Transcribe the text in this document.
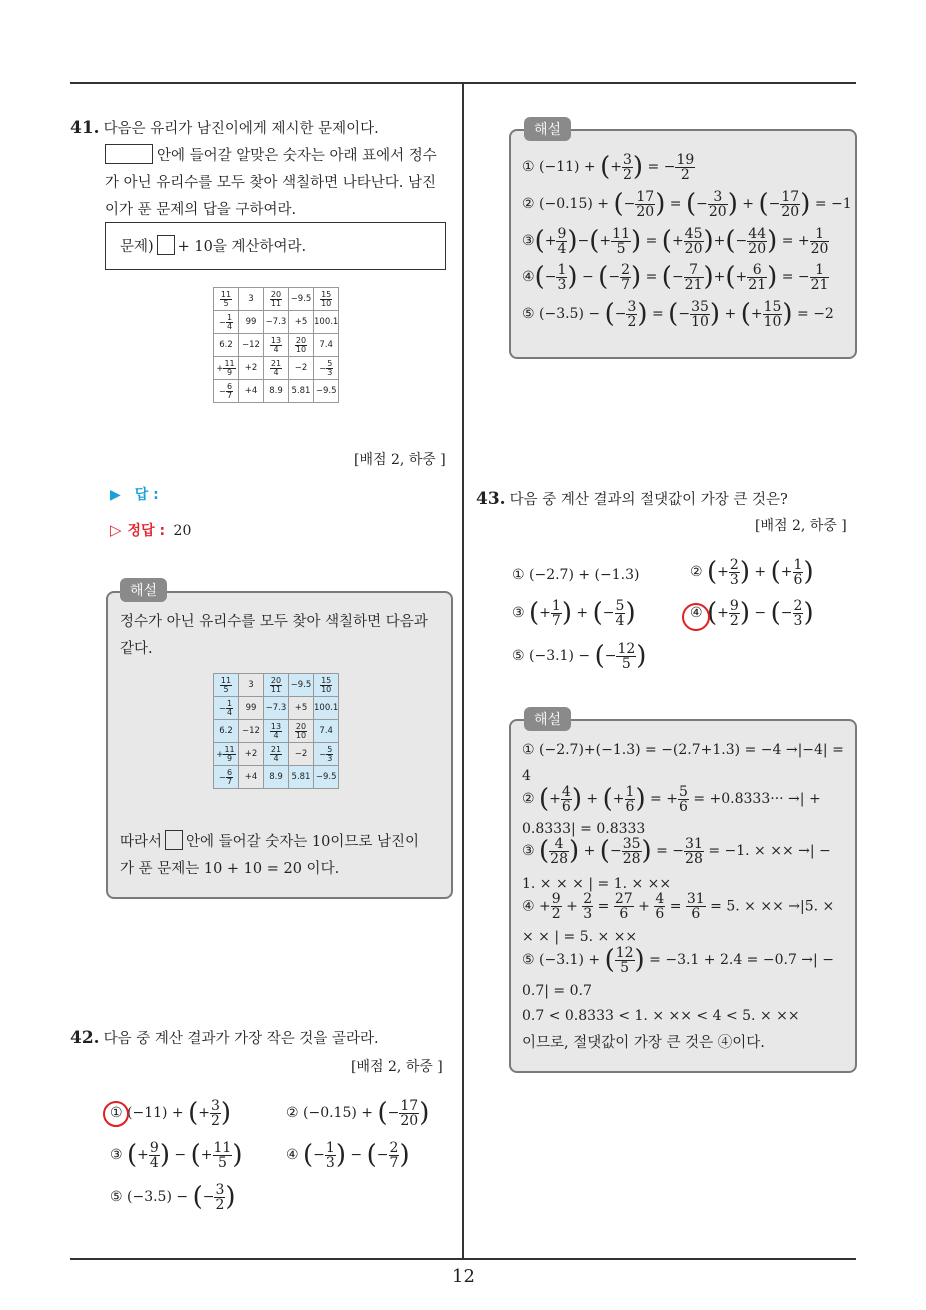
12
41. 다음은 유리가 남진이에게 제시한 문제이다.
안에 들어갈 알맞은 숫자는 아래 표에서 정수
가 아닌 유리수를 모두 찾아 색칠하면 나타난다. 남진
이가 푼 문제의 답을 구하여라.
문제) + 10을 계산하여라.
$\frac{11}{5}$	3	$\frac{20}{11}$	−9.5	$\frac{15}{10}$

− $\frac{1}{4}$	99	−7.3	+5	100.1
6.2	−12	$\frac{13}{4}$	$\frac{20}{10}$	7.4
+ $\frac{11}{9}$	+2	$\frac{21}{4}$	−2	− $\frac{5}{3}$

− $\frac{6}{7}$	+4	8.9	5.81	−9.5
[배점 2, 하중 ]
▶ 답 :
▷ 정답 : 20
해설
정수가 아닌 유리수를 모두 찾아 색칠하면 다음과
같다.
$\frac{11}{5}$	3	$\frac{20}{11}$	−9.5	$\frac{15}{10}$

− $\frac{1}{4}$	99	−7.3	+5	100.1
6.2	−12	$\frac{13}{4}$	$\frac{20}{10}$	7.4
+ $\frac{11}{9}$	+2	$\frac{21}{4}$	−2	− $\frac{5}{3}$

− $\frac{6}{7}$	+4	8.9	5.81	−9.5
따라서 안에 들어갈 숫자는 10이므로 남진이
가 푼 문제는 10 + 10 = 20 이다.
42. 다음 중 계산 결과가 가장 작은 것을 골라라.
[배점 2, 하중 ]
① (−11) + (+ $\frac{3}{2}$ )	② (−0.15) + (− $\frac{17}{20}$ )
③ (+ $\frac{9}{4}$ ) − (+ $\frac{11}{5}$ )	④ (− $\frac{1}{3}$ ) − (− $\frac{2}{7}$ )
⑤ (−3.5) − (− $\frac{3}{2}$ )
해설
① (−11) + (+ $\frac{3}{2}$ ) = − $\frac{19}{2}$
② (−0.15) + (− $\frac{17}{20}$ ) = (− $\frac{3}{20}$ ) + (− $\frac{17}{20}$ ) = −1
③(+ $\frac{9}{4}$ )−(+ $\frac{11}{5}$ ) = (+ $\frac{45}{20}$ )+(− $\frac{44}{20}$ ) = + $\frac{1}{20}$
④(− $\frac{1}{3}$ ) − (− $\frac{2}{7}$ ) = (− $\frac{7}{21}$ )+(+ $\frac{6}{21}$ ) = − $\frac{1}{21}$
⑤ (−3.5) − (− $\frac{3}{2}$ ) = (− $\frac{35}{10}$ ) + (+ $\frac{15}{10}$ ) = −2
43. 다음 중 계산 결과의 절댓값이 가장 큰 것은?
[배점 2, 하중 ]
① (−2.7) + (−1.3)	② (+ $\frac{2}{3}$ ) + (+ $\frac{1}{6}$ )
③ (+ $\frac{1}{7}$ ) + (− $\frac{5}{4}$ )	④ (+ $\frac{9}{2}$ ) − (− $\frac{2}{3}$ )
⑤ (−3.1) − (− $\frac{12}{5}$ )
해설
① (−2.7)+(−1.3) = −(2.7+1.3) = −4 →|−4| =
4
② (+ $\frac{4}{6}$ ) + (+ $\frac{1}{6}$ ) = + $\frac{5}{6} = +0.8333\cdot\cdot\cdot$ →| +
0.8333| = 0.8333
③ ( $\frac{4}{28}$ ) + (− $\frac{35}{28}$ ) = − $\frac{31}{28} = -1$. × ×× →| −
1. × × × | = 1. × ××
④ + $\frac{9}{2} + \frac{2}{3} = \frac{27}{6} + \frac{4}{6} = \frac{31}{6} = 5$. × ×× →|5. ×
× × | = 5. × ××
⑤ (−3.1) + ( $\frac{12}{5}$ ) = −3.1 + 2.4 = −0.7 →| −
0.7| = 0.7
0.7 < 0.8333 < 1. × ×× < 4 < 5. × ××
이므로, 절댓값이 가장 큰 것은 ④이다.
